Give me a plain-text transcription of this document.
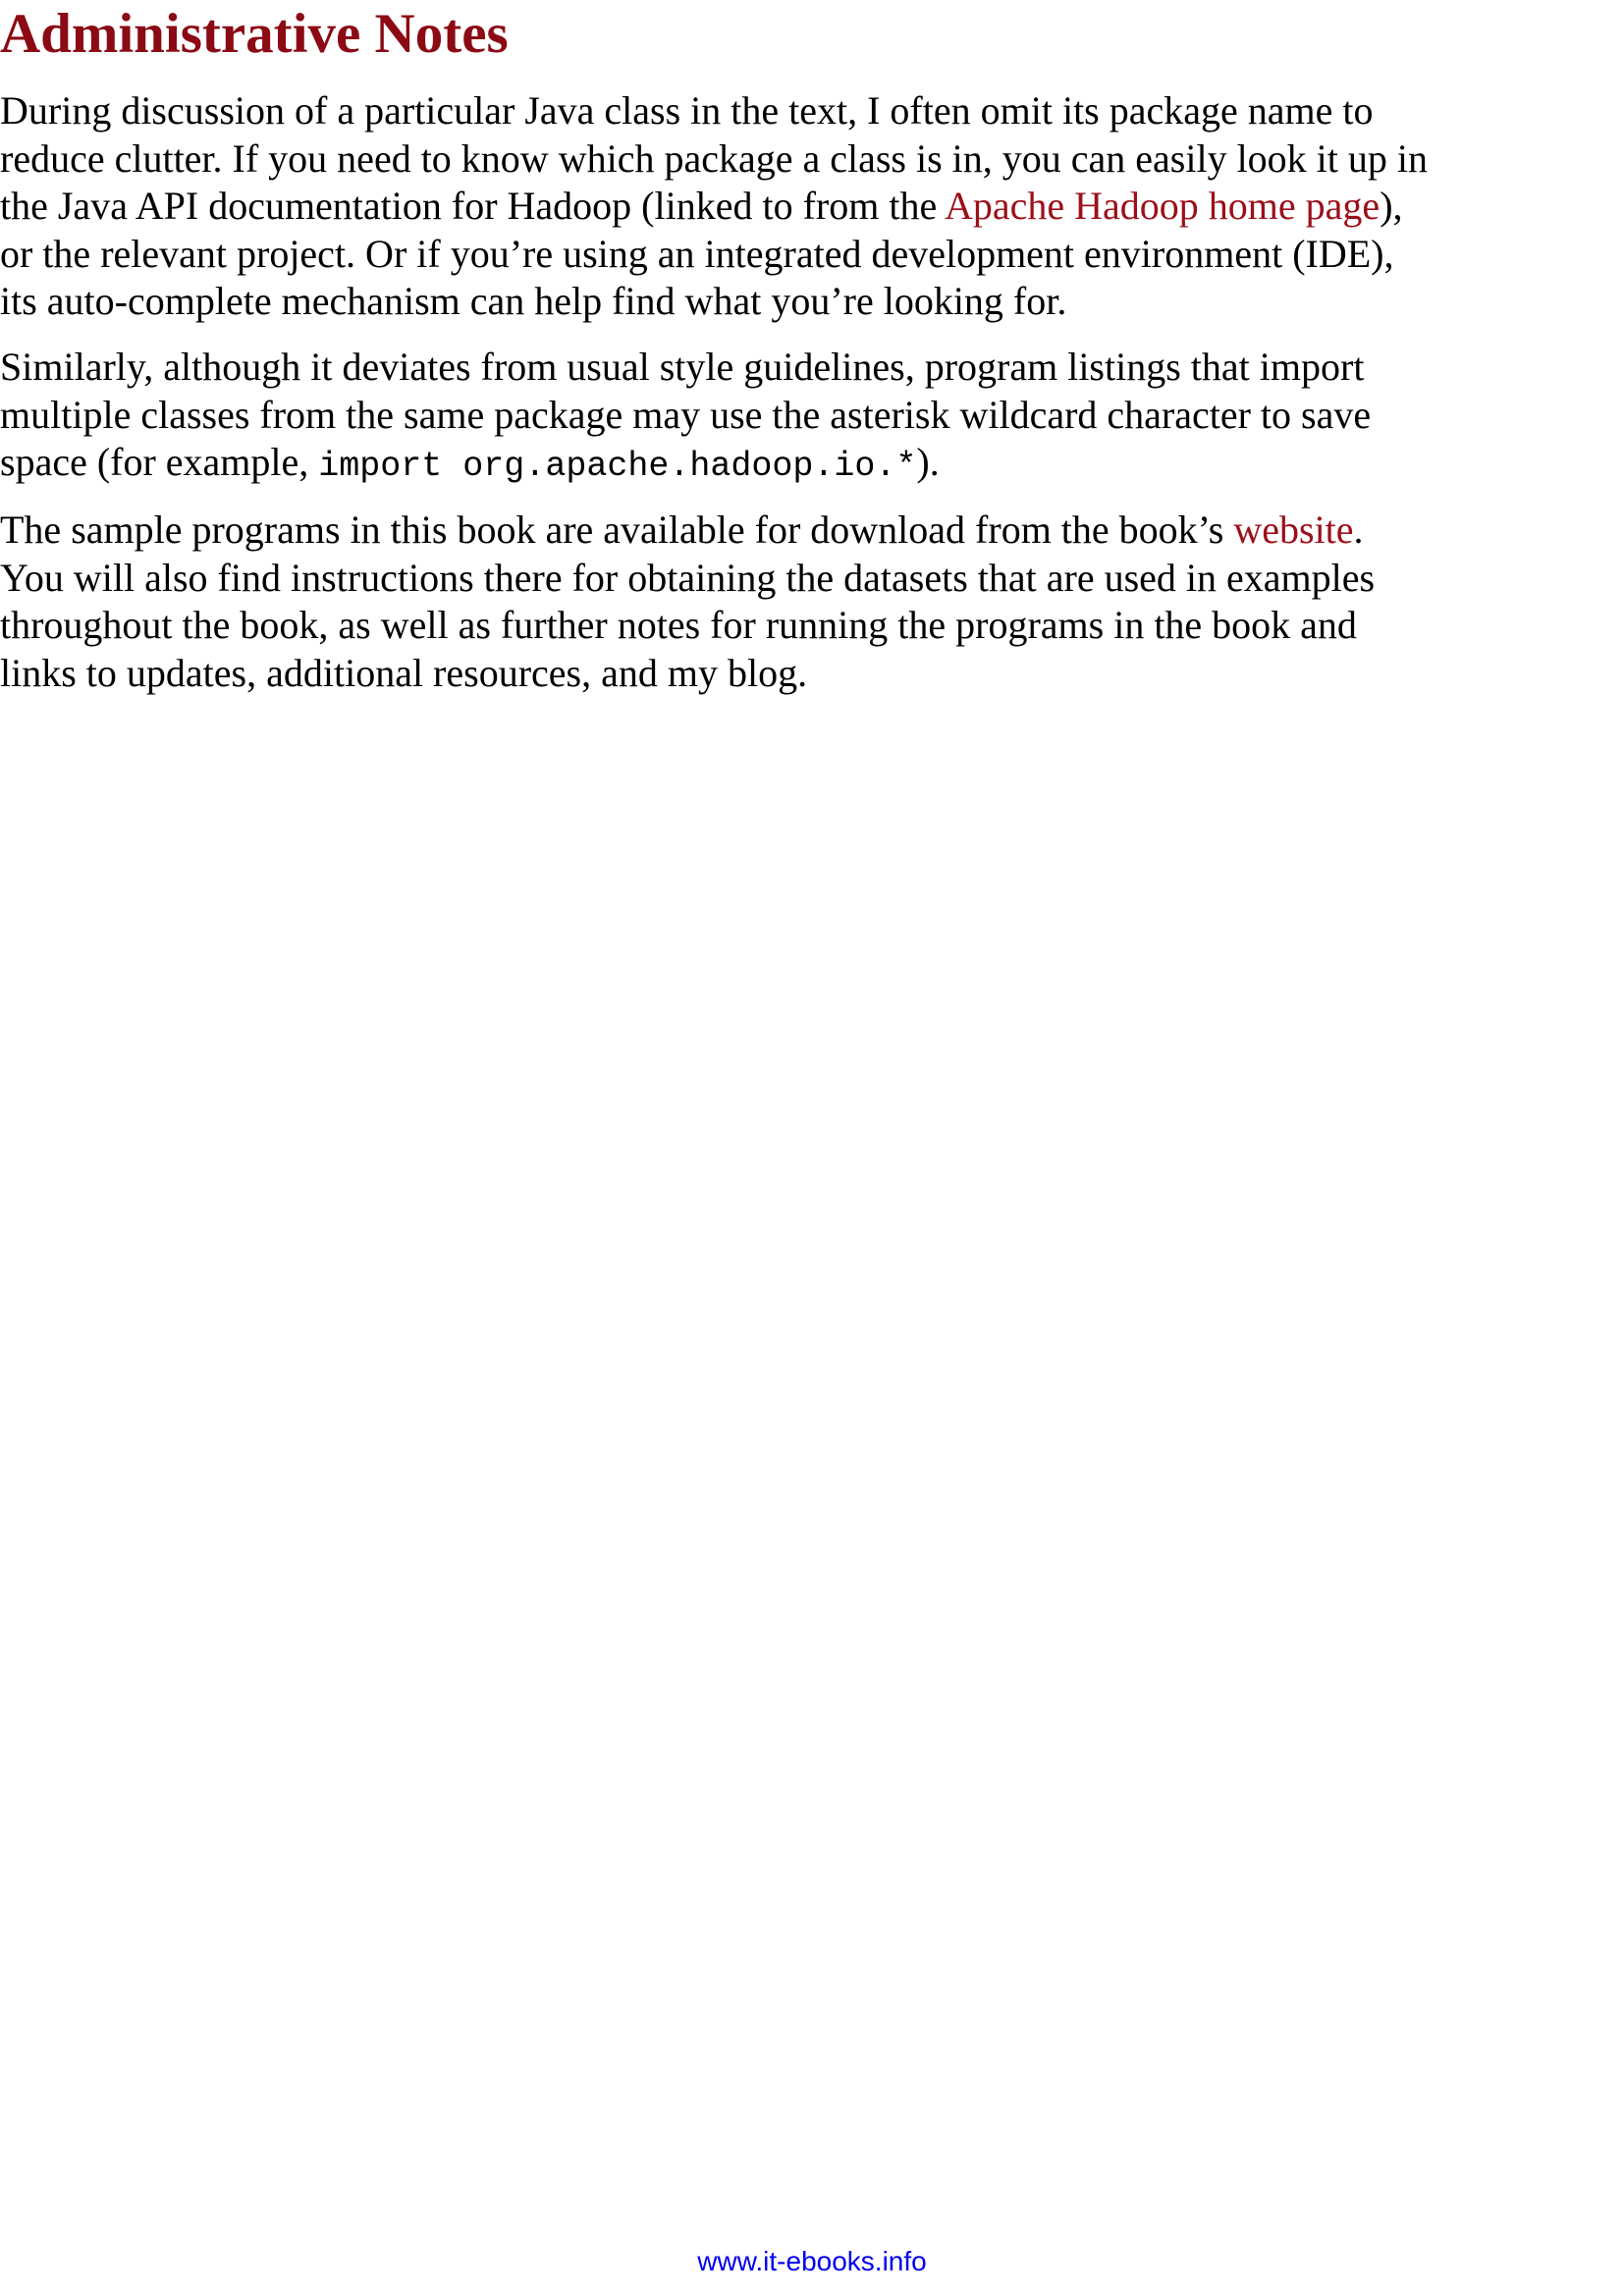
Administrative Notes

During discussion of a particular Java class in the text, I often omit its package name to
reduce clutter. If you need to know which package a class is in, you can easily look it up in
the Java API documentation for Hadoop (linked to from the Apache Hadoop home page),
or the relevant project. Or if you’re using an integrated development environment (IDE),
its auto-complete mechanism can help find what you’re looking for.

Similarly, although it deviates from usual style guidelines, program listings that import
multiple classes from the same package may use the asterisk wildcard character to save
space (for example, import org.apache.hadoop.io.*).

The sample programs in this book are available for download from the book’s website.
You will also find instructions there for obtaining the datasets that are used in examples
throughout the book, as well as further notes for running the programs in the book and
links to updates, additional resources, and my blog.

www.it-ebooks.info
